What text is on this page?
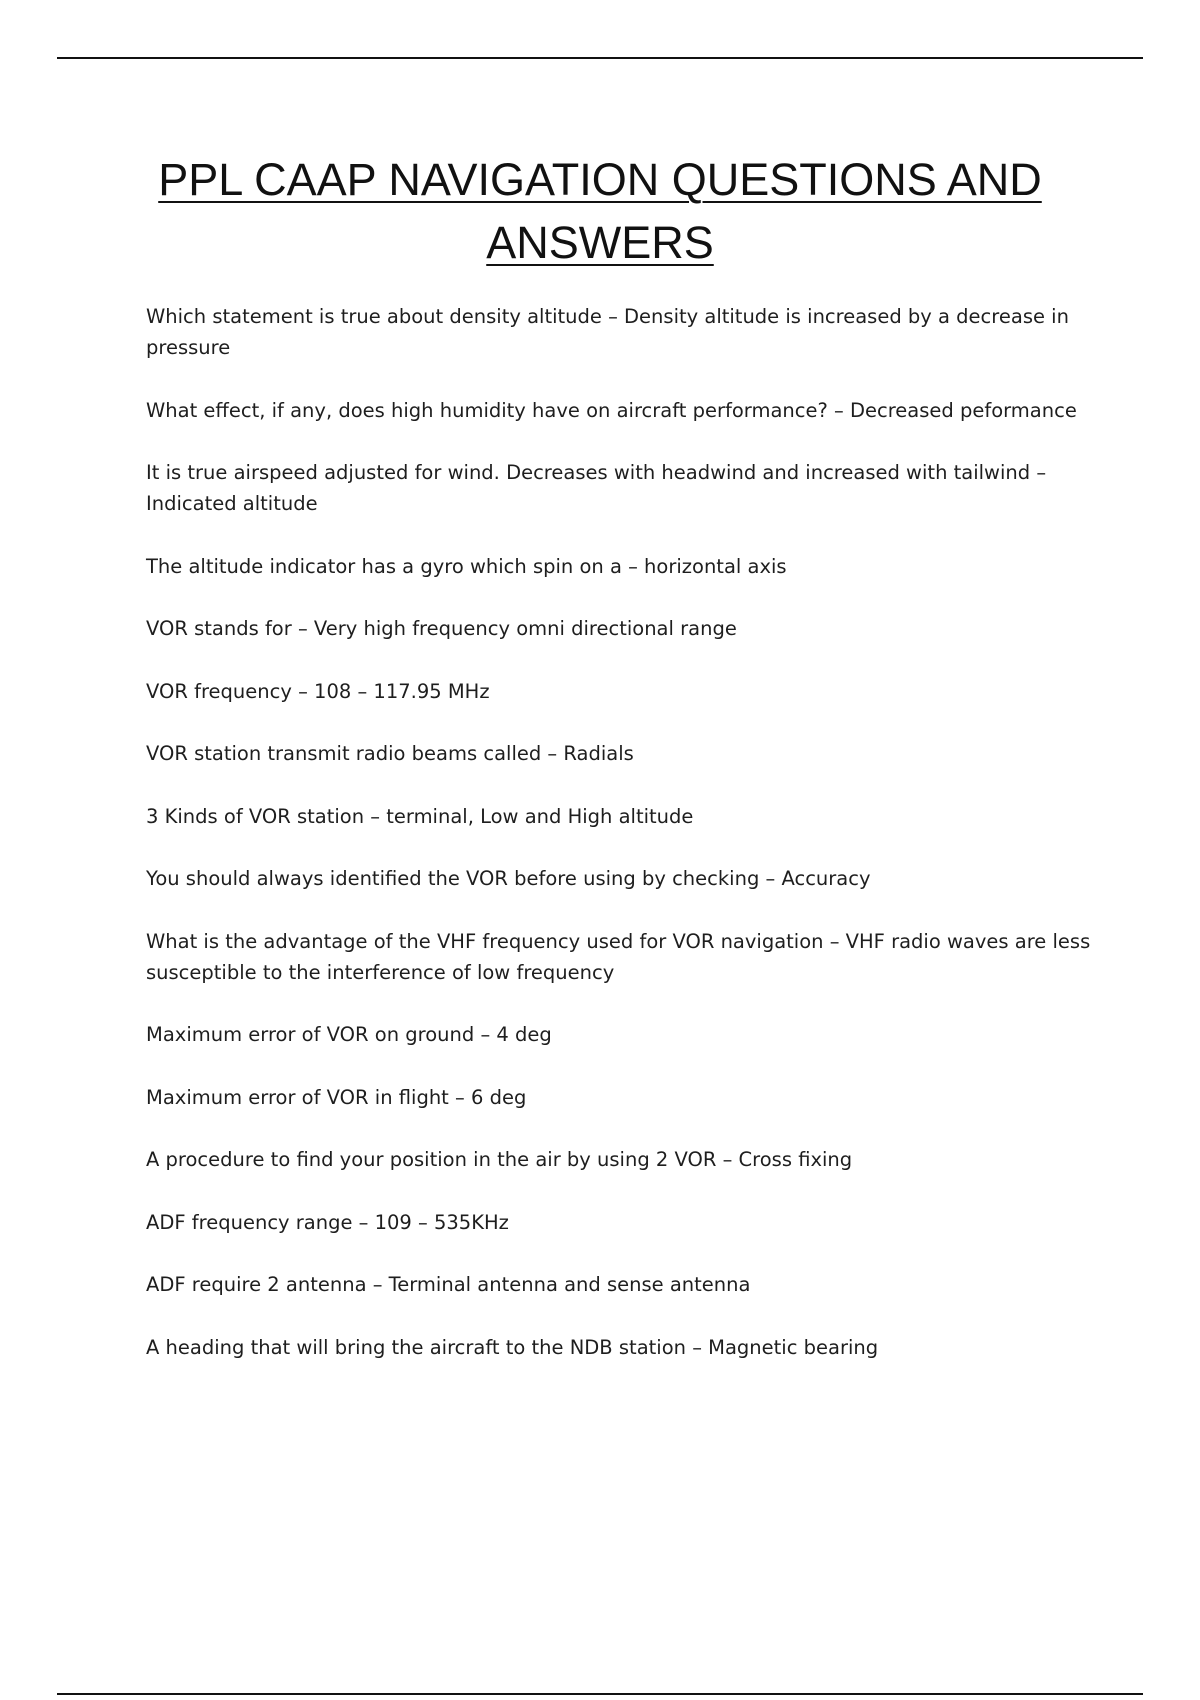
PPL CAAP NAVIGATION QUESTIONS AND ANSWERS
Which statement is true about density altitude – Density altitude is increased by a decrease in pressure
What effect, if any, does high humidity have on aircraft performance? – Decreased peformance
It is true airspeed adjusted for wind. Decreases with headwind and increased with tailwind – Indicated altitude
The altitude indicator has a gyro which spin on a – horizontal axis
VOR stands for – Very high frequency omni directional range
VOR frequency – 108 – 117.95 MHz
VOR station transmit radio beams called – Radials
3 Kinds of VOR station – terminal, Low and High altitude
You should always identified the VOR before using by checking – Accuracy
What is the advantage of the VHF frequency used for VOR navigation – VHF radio waves are less susceptible to the interference of low frequency
Maximum error of VOR on ground – 4 deg
Maximum error of VOR in flight – 6 deg
A procedure to find your position in the air by using 2 VOR – Cross fixing
ADF frequency range – 109 – 535KHz
ADF require 2 antenna – Terminal antenna and sense antenna
A heading that will bring the aircraft to the NDB station – Magnetic bearing
